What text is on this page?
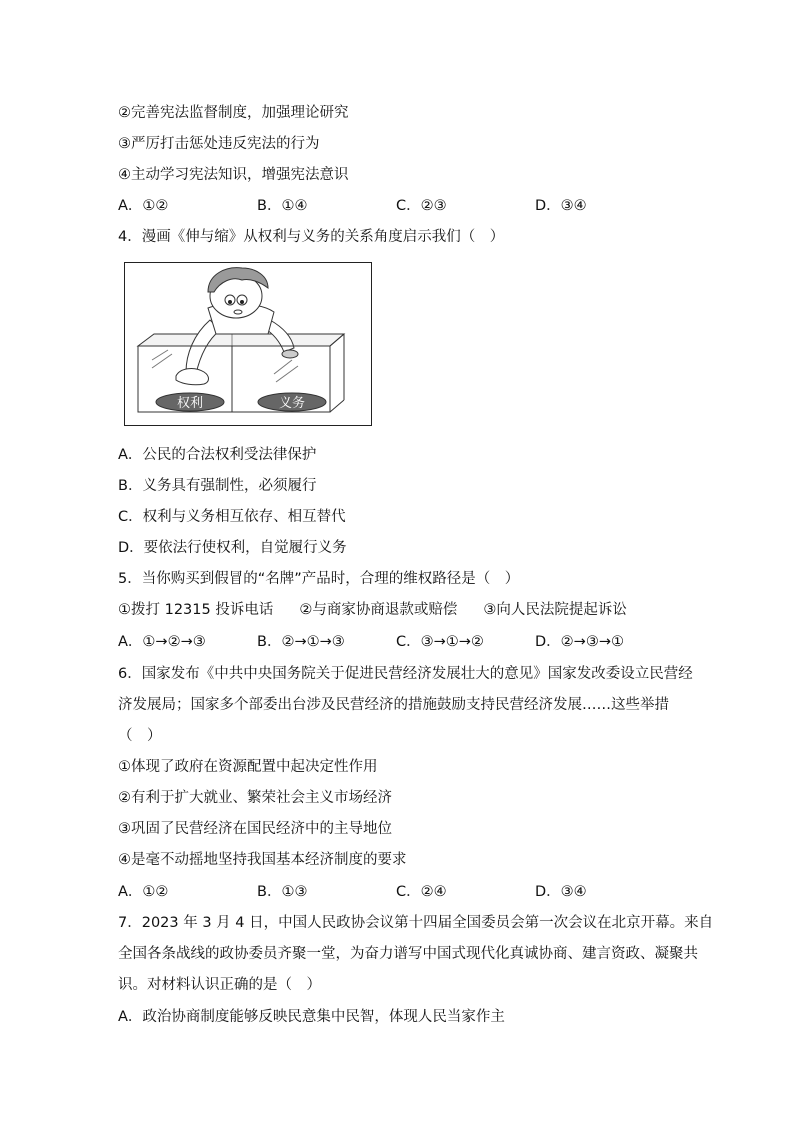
②完善宪法监督制度，加强理论研究
③严厉打击惩处违反宪法的行为
④主动学习宪法知识，增强宪法意识
A．①②	B．①④	C．②③	D．③④
4．漫画《伸与缩》从权利与义务的关系角度启示我们（　）
权利	义务
A．公民的合法权利受法律保护
B．义务具有强制性，必须履行
C．权利与义务相互依存、相互替代
D．要依法行使权利，自觉履行义务
5．当你购买到假冒的“名牌”产品时，合理的维权路径是（　）
①拨打 12315 投诉电话 ②与商家协商退款或赔偿 ③向人民法院提起诉讼
A．①→②→③	B．②→①→③	C．③→①→②	D．②→③→①
6．国家发布《中共中央国务院关于促进民营经济发展壮大的意见》国家发改委设立民营经
济发展局；国家多个部委出台涉及民营经济的措施鼓励支持民营经济发展……这些举措
（　）
①体现了政府在资源配置中起决定性作用
②有利于扩大就业、繁荣社会主义市场经济
③巩固了民营经济在国民经济中的主导地位
④是毫不动摇地坚持我国基本经济制度的要求
A．①②	B．①③	C．②④	D．③④
7．2023 年 3 月 4 日，中国人民政协会议第十四届全国委员会第一次会议在北京开幕。来自
全国各条战线的政协委员齐聚一堂，为奋力谱写中国式现代化真诚协商、建言资政、凝聚共
识。对材料认识正确的是（　）
A．政治协商制度能够反映民意集中民智，体现人民当家作主
